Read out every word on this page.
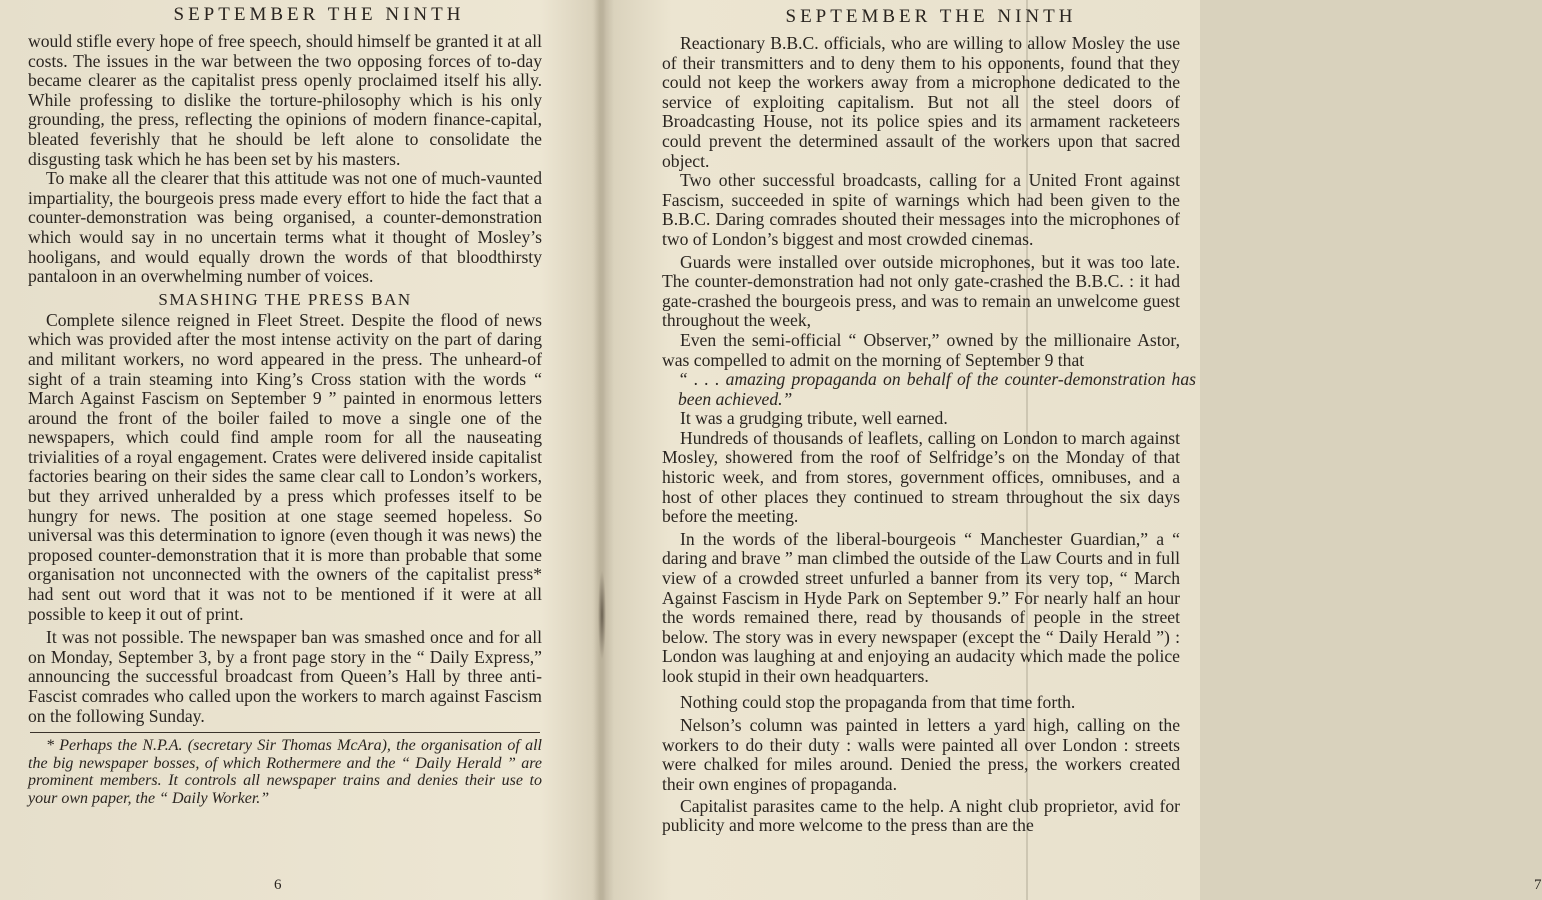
SEPTEMBER THE NINTH

would stifle every hope of free speech, should himself be granted it at all costs. The issues in the war between the two opposing forces of to-day became clearer as the capitalist press openly proclaimed itself his ally. While professing to dislike the torture-philosophy which is his only grounding, the press, reflecting the opinions of modern finance-capital, bleated feverishly that he should be left alone to consolidate the disgusting task which he has been set by his masters.

To make all the clearer that this attitude was not one of much-vaunted impartiality, the bourgeois press made every effort to hide the fact that a counter-demonstration was being organised, a counter-demonstration which would say in no uncertain terms what it thought of Mosley’s hooligans, and would equally drown the words of that bloodthirsty pantaloon in an overwhelming number of voices.

SMASHING THE PRESS BAN

Complete silence reigned in Fleet Street. Despite the flood of news which was provided after the most intense activity on the part of daring and militant workers, no word appeared in the press. The unheard-of sight of a train steaming into King’s Cross station with the words “ March Against Fascism on September 9 ” painted in enormous letters around the front of the boiler failed to move a single one of the newspapers, which could find ample room for all the nauseating trivialities of a royal engagement. Crates were delivered inside capitalist factories bearing on their sides the same clear call to London’s workers, but they arrived unheralded by a press which professes itself to be hungry for news. The position at one stage seemed hopeless. So universal was this determination to ignore (even though it was news) the proposed counter-demonstration that it is more than probable that some organisation not unconnected with the owners of the capitalist press* had sent out word that it was not to be mentioned if it were at all possible to keep it out of print.

It was not possible. The newspaper ban was smashed once and for all on Monday, September 3, by a front page story in the “ Daily Express,” announcing the successful broadcast from Queen’s Hall by three anti-Fascist comrades who called upon the workers to march against Fascism on the following Sunday.

* Perhaps the N.P.A. (secretary Sir Thomas McAra), the organisation of all the big newspaper bosses, of which Rothermere and the “ Daily Herald ” are prominent members. It controls all newspaper trains and denies their use to your own paper, the “ Daily Worker.”

6
SEPTEMBER THE NINTH

Reactionary B.B.C. officials, who are willing to allow Mosley the use of their transmitters and to deny them to his opponents, found that they could not keep the workers away from a microphone dedicated to the service of exploiting capitalism. But not all the steel doors of Broadcasting House, not its police spies and its armament racketeers could prevent the determined assault of the workers upon that sacred object.

Two other successful broadcasts, calling for a United Front against Fascism, succeeded in spite of warnings which had been given to the B.B.C. Daring comrades shouted their messages into the microphones of two of London’s biggest and most crowded cinemas.

Guards were installed over outside microphones, but it was too late. The counter-demonstration had not only gate-crashed the B.B.C. : it had gate-crashed the bourgeois press, and was to remain an unwelcome guest throughout the week,

Even the semi-official “ Observer,” owned by the millionaire Astor, was compelled to admit on the morning of September 9 that

“ . . . amazing propaganda on behalf of the counter-demonstration has been achieved.”

It was a grudging tribute, well earned.

Hundreds of thousands of leaflets, calling on London to march against Mosley, showered from the roof of Selfridge’s on the Monday of that historic week, and from stores, government offices, omnibuses, and a host of other places they continued to stream throughout the six days before the meeting.

In the words of the liberal-bourgeois “ Manchester Guardian,” a “ daring and brave ” man climbed the outside of the Law Courts and in full view of a crowded street unfurled a banner from its very top, “ March Against Fascism in Hyde Park on September 9.” For nearly half an hour the words remained there, read by thousands of people in the street below. The story was in every newspaper (except the “ Daily Herald ”) : London was laughing at and enjoying an audacity which made the police look stupid in their own headquarters.

Nothing could stop the propaganda from that time forth.

Nelson’s column was painted in letters a yard high, calling on the workers to do their duty : walls were painted all over London : streets were chalked for miles around. Denied the press, the workers created their own engines of propaganda.

Capitalist parasites came to the help. A night club proprietor, avid for publicity and more welcome to the press than are the

7
